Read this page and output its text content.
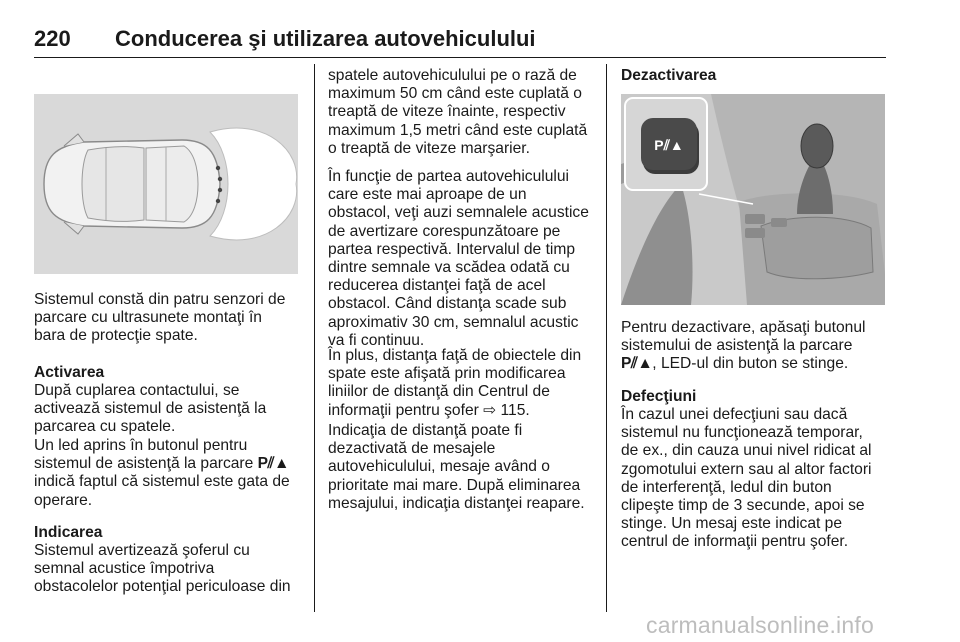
220 Conducerea şi utilizarea autovehiculului
Sistemul constă din patru senzori de
parcare cu ultrasunete montaţi în
bara de protecţie spate.
Activarea
După cuplarea contactului, se
activează sistemul de asistenţă la
parcarea cu spatele.
Un led aprins în butonul pentru
sistemul de asistenţă la parcare P⫽▲
indică faptul că sistemul este gata de
operare.
Indicarea
Sistemul avertizează şoferul cu
semnal acustice împotriva
obstacolelor potenţial periculoase din
spatele autovehiculului pe o rază de
maximum 50 cm când este cuplată o
treaptă de viteze înainte, respectiv
maximum 1,5 metri când este cuplată
o treaptă de viteze marşarier.
În funcţie de partea autovehiculului
care este mai aproape de un
obstacol, veţi auzi semnalele acustice
de avertizare corespunzătoare pe
partea respectivă. Intervalul de timp
dintre semnale va scădea odată cu
reducerea distanţei faţă de acel
obstacol. Când distanţa scade sub
aproximativ 30 cm, semnalul acustic
va fi continuu.
În plus, distanţa faţă de obiectele din
spate este afişată prin modificarea
liniilor de distanţă din Centrul de
informaţii pentru şofer ⇨ 115.
Indicaţia de distanţă poate fi
dezactivată de mesajele
autovehiculului, mesaje având o
prioritate mai mare. După eliminarea
mesajului, indicaţia distanţei reapare.
Dezactivarea
P⫽▲
Pentru dezactivare, apăsaţi butonul
sistemului de asistenţă la parcare
P⫽▲, LED-ul din buton se stinge.
Defecţiuni
În cazul unei defecţiuni sau dacă
sistemul nu funcţionează temporar,
de ex., din cauza unui nivel ridicat al
zgomotului extern sau al altor factori
de interferenţă, ledul din buton
clipeşte timp de 3 secunde, apoi se
stinge. Un mesaj este indicat pe
centrul de informaţii pentru şofer.
carmanualsonline.info
